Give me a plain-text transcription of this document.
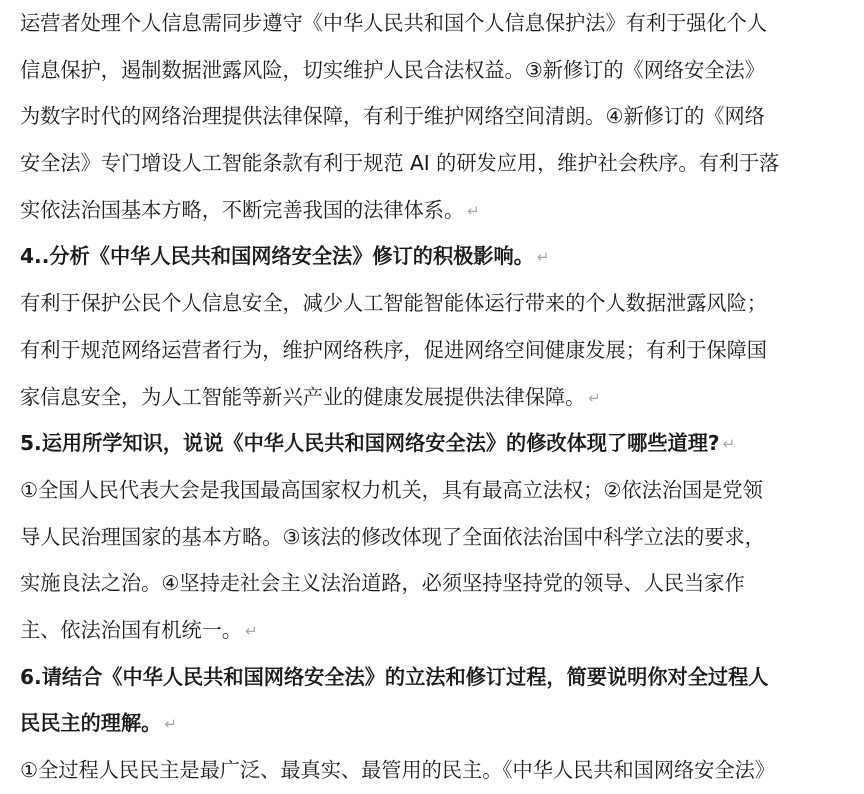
运营者处理个人信息需同步遵守《中华人民共和国个人信息保护法》有利于强化个人
信息保护，遏制数据泄露风险，切实维护人民合法权益。③新修订的《网络安全法》
为数字时代的网络治理提供法律保障，有利于维护网络空间清朗。④新修订的《网络
安全法》专门增设人工智能条款有利于规范 AI 的研发应用，维护社会秩序。有利于落
实依法治国基本方略，不断完善我国的法律体系。 ↵
4..分析《中华人民共和国网络安全法》修订的积极影响。 ↵
有利于保护公民个人信息安全，减少人工智能智能体运行带来的个人数据泄露风险；
有利于规范网络运营者行为，维护网络秩序，促进网络空间健康发展；有利于保障国
家信息安全，为人工智能等新兴产业的健康发展提供法律保障。 ↵
5.运用所学知识，说说《中华人民共和国网络安全法》的修改体现了哪些道理? ↵
①全国人民代表大会是我国最高国家权力机关，具有最高立法权；②依法治国是党领
导人民治理国家的基本方略。③该法的修改体现了全面依法治国中科学立法的要求，
实施良法之治。④坚持走社会主义法治道路，必须坚持坚持党的领导、人民当家作
主、依法治国有机统一。 ↵
6.请结合《中华人民共和国网络安全法》的立法和修订过程，简要说明你对全过程人
民民主的理解。 ↵
①全过程人民民主是最广泛、最真实、最管用的民主。《中华人民共和国网络安全法》
